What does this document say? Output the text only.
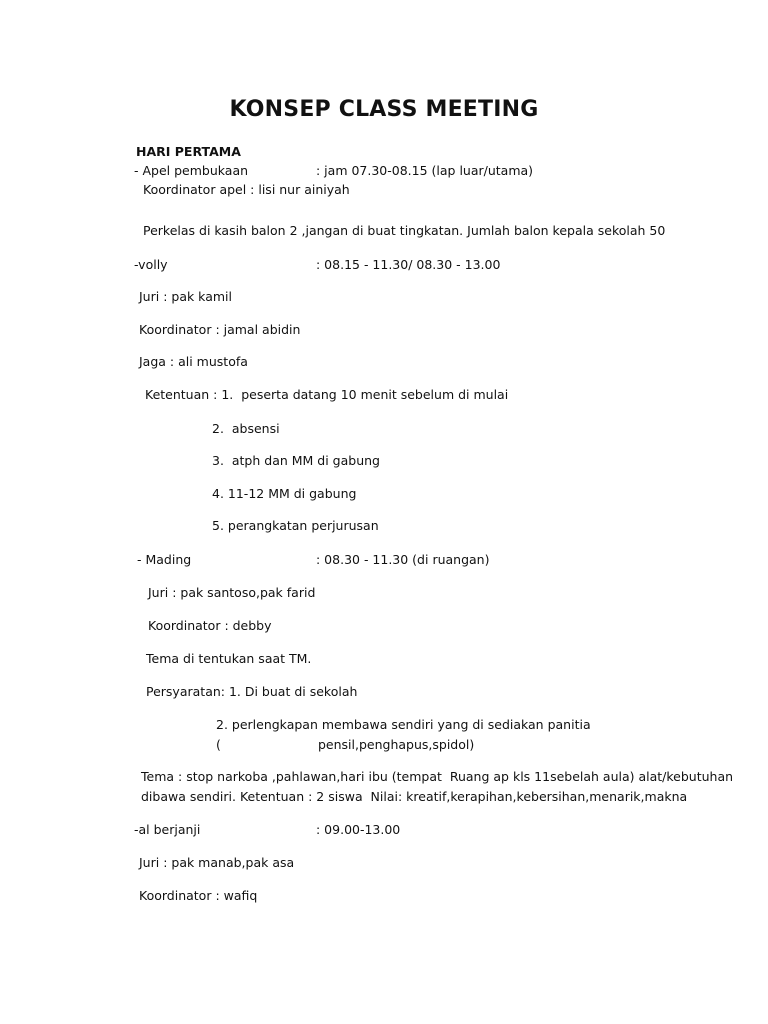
KONSEP CLASS MEETING
HARI PERTAMA
- Apel pembukaan	: jam 07.30-08.15 (lap luar/utama)
Koordinator apel : lisi nur ainiyah
Perkelas di kasih balon 2 ,jangan di buat tingkatan. Jumlah balon kepala sekolah 50
-volly	: 08.15 - 11.30/ 08.30 - 13.00
Juri : pak kamil
Koordinator : jamal abidin
Jaga : ali mustofa
Ketentuan : 1.  peserta datang 10 menit sebelum di mulai
2.  absensi
3.  atph dan MM di gabung
4. 11-12 MM di gabung
5. perangkatan perjurusan
- Mading	: 08.30 - 11.30 (di ruangan)
Juri : pak santoso,pak farid
Koordinator : debby
Tema di tentukan saat TM.
Persyaratan: 1. Di buat di sekolah
2. perlengkapan membawa sendiri yang di sediakan panitia
(	pensil,penghapus,spidol)
Tema : stop narkoba ,pahlawan,hari ibu (tempat  Ruang ap kls 11sebelah aula) alat/kebutuhan
dibawa sendiri. Ketentuan : 2 siswa  Nilai: kreatif,kerapihan,kebersihan,menarik,makna
-al berjanji	: 09.00-13.00
Juri : pak manab,pak asa
Koordinator : wafiq
